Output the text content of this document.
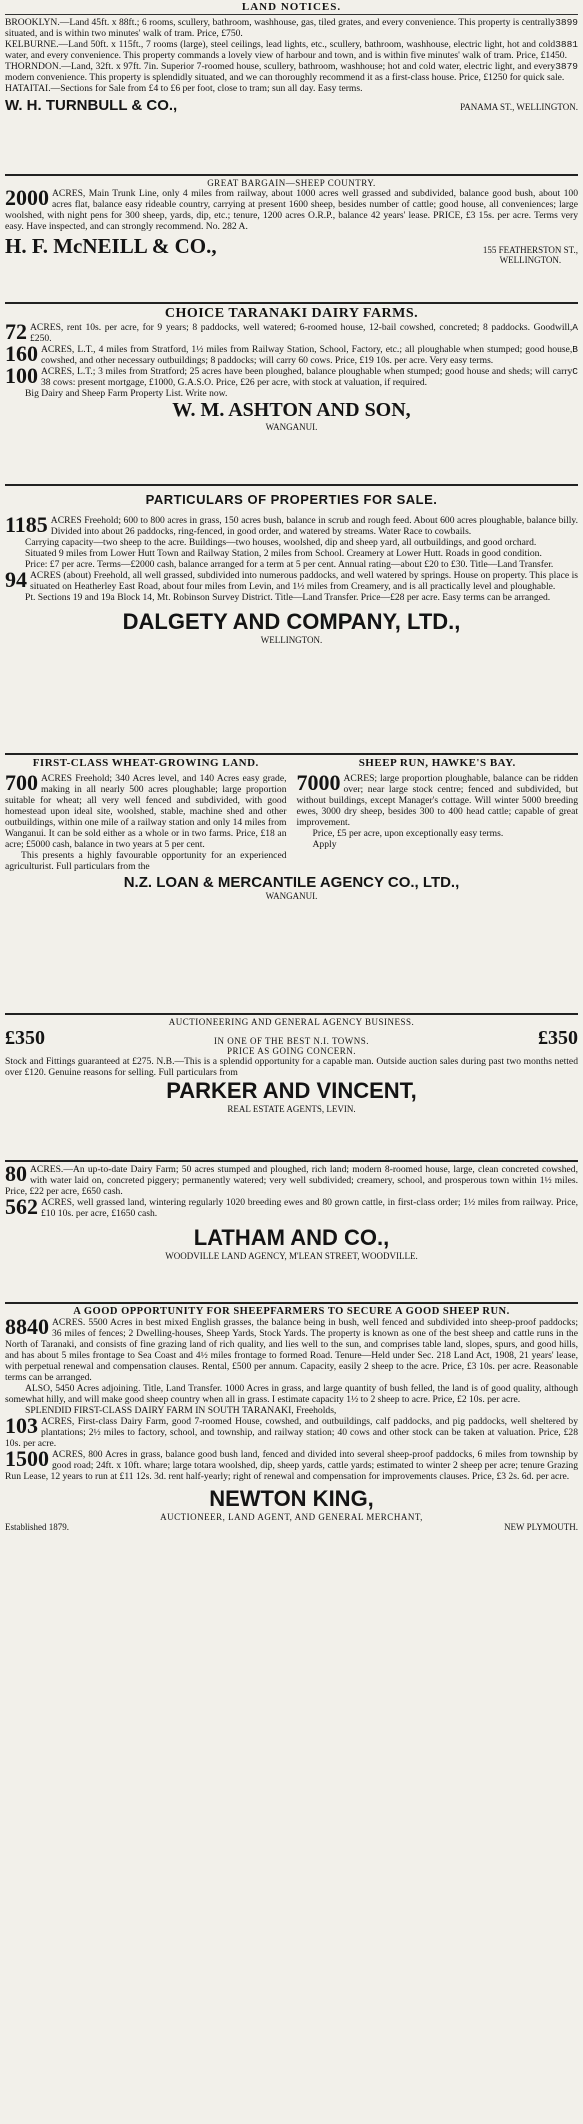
LAND NOTICES.

3899
BROOKLYN.—Land 45ft. x 88ft.; 6 rooms, scullery, bathroom, washhouse, gas, tiled grates, and every convenience. This property is centrally situated, and is within two minutes' walk of tram. Price, £750.

3881
KELBURNE.—Land 50ft. x 115ft., 7 rooms (large), steel ceilings, lead lights, etc., scullery, bathroom, washhouse, electric light, hot and cold water, and every convenience. This property commands a lovely view of harbour and town, and is within five minutes' walk of tram. Price, £1450.

3879
THORNDON.—Land, 32ft. x 97ft. 7in. Superior 7-roomed house, scullery, bathroom, washhouse; hot and cold water, electric light, and every modern convenience. This property is splendidly situated, and we can thoroughly recommend it as a first-class house. Price, £1250 for quick sale.

HATAITAI.—Sections for Sale from £4 to £6 per foot, close to tram; sun all day. Easy terms.

W. H. TURNBULL & CO.,	PANAMA ST., WELLINGTON.
GREAT BARGAIN—SHEEP COUNTRY.
2000 ACRES, Main Trunk Line, only 4 miles from railway, about 1000 acres well grassed and subdivided, balance good bush, about 100 acres flat, balance easy rideable country, carrying at present 1600 sheep, besides number of cattle; good house, all conveniences; large woolshed, with night pens for 300 sheep, yards, dip, etc.; tenure, 1200 acres O.R.P., balance 42 years' lease. PRICE, £3 15s. per acre. Terms very easy. Have inspected, and can strongly recommend. No. 282 A.
H. F. McNEILL & CO.,	155 FEATHERSTON ST.,
WELLINGTON.
CHOICE TARANAKI DAIRY FARMS.
A
72 ACRES, rent 10s. per acre, for 9 years; 8 paddocks, well watered; 6-roomed house, 12-bail cowshed, concreted; 8 paddocks. Goodwill, £250.
B
160 ACRES, L.T., 4 miles from Stratford, 1½ miles from Railway Station, School, Factory, etc.; all ploughable when stumped; good house, cowshed, and other necessary outbuildings; 8 paddocks; will carry 60 cows. Price, £19 10s. per acre. Very easy terms.
C
100 ACRES, L.T.; 3 miles from Stratford; 25 acres have been ploughed, balance ploughable when stumped; good house and sheds; will carry 38 cows: present mortgage, £1000, G.A.S.O. Price, £26 per acre, with stock at valuation, if required.
Big Dairy and Sheep Farm Property List. Write now.
W. M. ASHTON AND SON,
WANGANUI.
PARTICULARS OF PROPERTIES FOR SALE.
1185 ACRES Freehold; 600 to 800 acres in grass, 150 acres bush, balance in scrub and rough feed. About 600 acres ploughable, balance billy. Divided into about 26 paddocks, ring-fenced, in good order, and watered by streams. Water Race to cowbails.
Carrying capacity—two sheep to the acre. Buildings—two houses, woolshed, dip and sheep yard, all outbuildings, and good orchard.
Situated 9 miles from Lower Hutt Town and Railway Station, 2 miles from School. Creamery at Lower Hutt. Roads in good condition.
Price: £7 per acre. Terms—£2000 cash, balance arranged for a term at 5 per cent. Annual rating—about £20 to £30. Title—Land Transfer.
94 ACRES (about) Freehold, all well grassed, subdivided into numerous paddocks, and well watered by springs. House on property. This place is situated on Heatherley East Road, about four miles from Levin, and 1½ miles from Creamery, and is all practically level and ploughable.
Pt. Sections 19 and 19a Block 14, Mt. Robinson Survey District. Title—Land Transfer. Price—£28 per acre. Easy terms can be arranged.
DALGETY AND COMPANY, LTD.,
WELLINGTON.
FIRST-CLASS WHEAT-GROWING LAND.
700 ACRES Freehold; 340 Acres level, and 140 Acres easy grade, making in all nearly 500 acres ploughable; large proportion suitable for wheat; all very well fenced and subdivided, with good homestead upon ideal site, woolshed, stable, machine shed and other outbuildings, within one mile of a railway station and only 14 miles from Wanganui. It can be sold either as a whole or in two farms. Price, £18 an acre; £5000 cash, balance in two years at 5 per cent.
This presents a highly favourable opportunity for an experienced agriculturist. Full particulars from the
SHEEP RUN, HAWKE'S BAY.
7000 ACRES; large proportion ploughable, balance can be ridden over; near large stock centre; fenced and subdivided, but without buildings, except Manager's cottage. Will winter 5000 breeding ewes, 3000 dry sheep, besides 300 to 400 head cattle; capable of great improvement.
Price, £5 per acre, upon exceptionally easy terms.
Apply
N.Z. LOAN & MERCANTILE AGENCY CO., LTD.,
WANGANUI.
AUCTIONEERING AND GENERAL AGENCY BUSINESS.
£350	IN ONE OF THE BEST N.I. TOWNS.
PRICE AS GOING CONCERN.
£350
Stock and Fittings guaranteed at £275. N.B.—This is a splendid opportunity for a capable man. Outside auction sales during past two months netted over £120. Genuine reasons for selling. Full particulars from
PARKER AND VINCENT,
REAL ESTATE AGENTS, LEVIN.
80 ACRES.—An up-to-date Dairy Farm; 50 acres stumped and ploughed, rich land; modern 8-roomed house, large, clean concreted cowshed, with water laid on, concreted piggery; permanently watered; very well subdivided; creamery, school, and prosperous town within 1½ miles. Price, £22 per acre, £650 cash.
562 ACRES, well grassed land, wintering regularly 1020 breeding ewes and 80 grown cattle, in first-class order; 1½ miles from railway. Price, £10 10s. per acre, £1650 cash.
LATHAM AND CO.,
WOODVILLE LAND AGENCY, M'LEAN STREET, WOODVILLE.
A GOOD OPPORTUNITY FOR SHEEPFARMERS TO SECURE A GOOD SHEEP RUN.
8840 ACRES. 5500 Acres in best mixed English grasses, the balance being in bush, well fenced and subdivided into sheep-proof paddocks; 36 miles of fences; 2 Dwelling-houses, Sheep Yards, Stock Yards. The property is known as one of the best sheep and cattle runs in the North of Taranaki, and consists of fine grazing land of rich quality, and lies well to the sun, and comprises table land, slopes, spurs, and good hills, and has about 5 miles frontage to Sea Coast and 4½ miles frontage to formed Road. Tenure—Held under Sec. 218 Land Act, 1908, 21 years' lease, with perpetual renewal and compensation clauses. Rental, £500 per annum. Capacity, easily 2 sheep to the acre. Price, £3 10s. per acre. Reasonable terms can be arranged.
ALSO, 5450 Acres adjoining. Title, Land Transfer. 1000 Acres in grass, and large quantity of bush felled, the land is of good quality, although somewhat hilly, and will make good sheep country when all in grass. I estimate capacity 1½ to 2 sheep to acre. Price, £2 10s. per acre.
SPLENDID FIRST-CLASS DAIRY FARM IN SOUTH TARANAKI, Freeholds,
103 ACRES, First-class Dairy Farm, good 7-roomed House, cowshed, and outbuildings, calf paddocks, and pig paddocks, well sheltered by plantations; 2½ miles to factory, school, and township, and railway station; 40 cows and other stock can be taken at valuation. Price, £28 10s. per acre.
1500 ACRES, 800 Acres in grass, balance good bush land, fenced and divided into several sheep-proof paddocks, 6 miles from township by good road; 24ft. x 10ft. whare; large totara woolshed, dip, sheep yards, cattle yards; estimated to winter 2 sheep per acre; tenure Grazing Run Lease, 12 years to run at £11 12s. 3d. rent half-yearly; right of renewal and compensation for improvements clauses. Price, £3 2s. 6d. per acre.
NEWTON KING,
AUCTIONEER, LAND AGENT, AND GENERAL MERCHANT,
Established 1879.	NEW PLYMOUTH.
